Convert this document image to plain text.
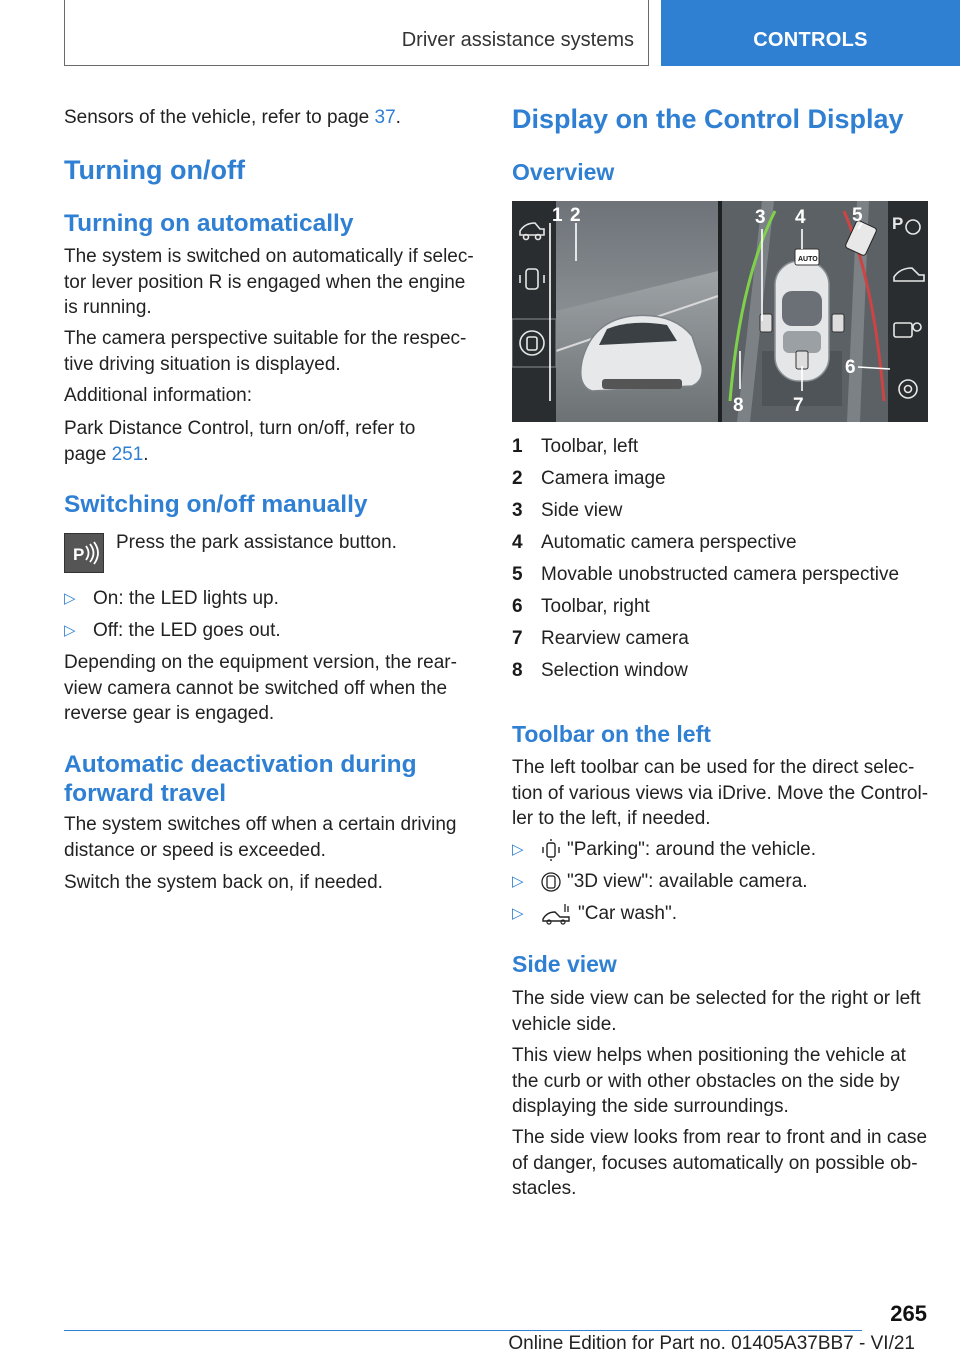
Driver assistance systems	CONTROLS

Sensors of the vehicle, refer to page 37.

Turning on/off
Turning on automatically

The system is switched on automatically if selec-

tor lever position R is engaged when the engine

is running.

The camera perspective suitable for the respec-

tive driving situation is displayed.

Additional information:

Park Distance Control, turn on/off, refer to

page 251.

Switching on/off manually
P

Press the park assistance button.

▷ On: the LED lights up.
▷ Off: the LED goes out.

Depending on the equipment version, the rear-

view camera cannot be switched off when the

reverse gear is engaged.

Automatic deactivation during
forward travel

The system switches off when a certain driving

distance or speed is exceeded.

Switch the system back on, if needed.

Display on the Control Display
Overview
AUTO
P
1 2	3 4 5
6
7
8
1 Toolbar, left
2 Camera image
3 Side view
4 Automatic camera perspective
5 Movable unobstructed camera perspective
6 Toolbar, right
7 Rearview camera
8 Selection window
Toolbar on the left

The left toolbar can be used for the direct selec-

tion of various views via iDrive. Move the Control-

ler to the left, if needed.

▷ "Parking": around the vehicle.
▷ "3D view": available camera.
▷	"Car wash".
Side view

The side view can be selected for the right or left

vehicle side.

This view helps when positioning the vehicle at

the curb or with other obstacles on the side by

displaying the side surroundings.

The side view looks from rear to front and in case

of danger, focuses automatically on possible ob-

stacles.

265
Online Edition for Part no. 01405A37BB7 - VI/21
